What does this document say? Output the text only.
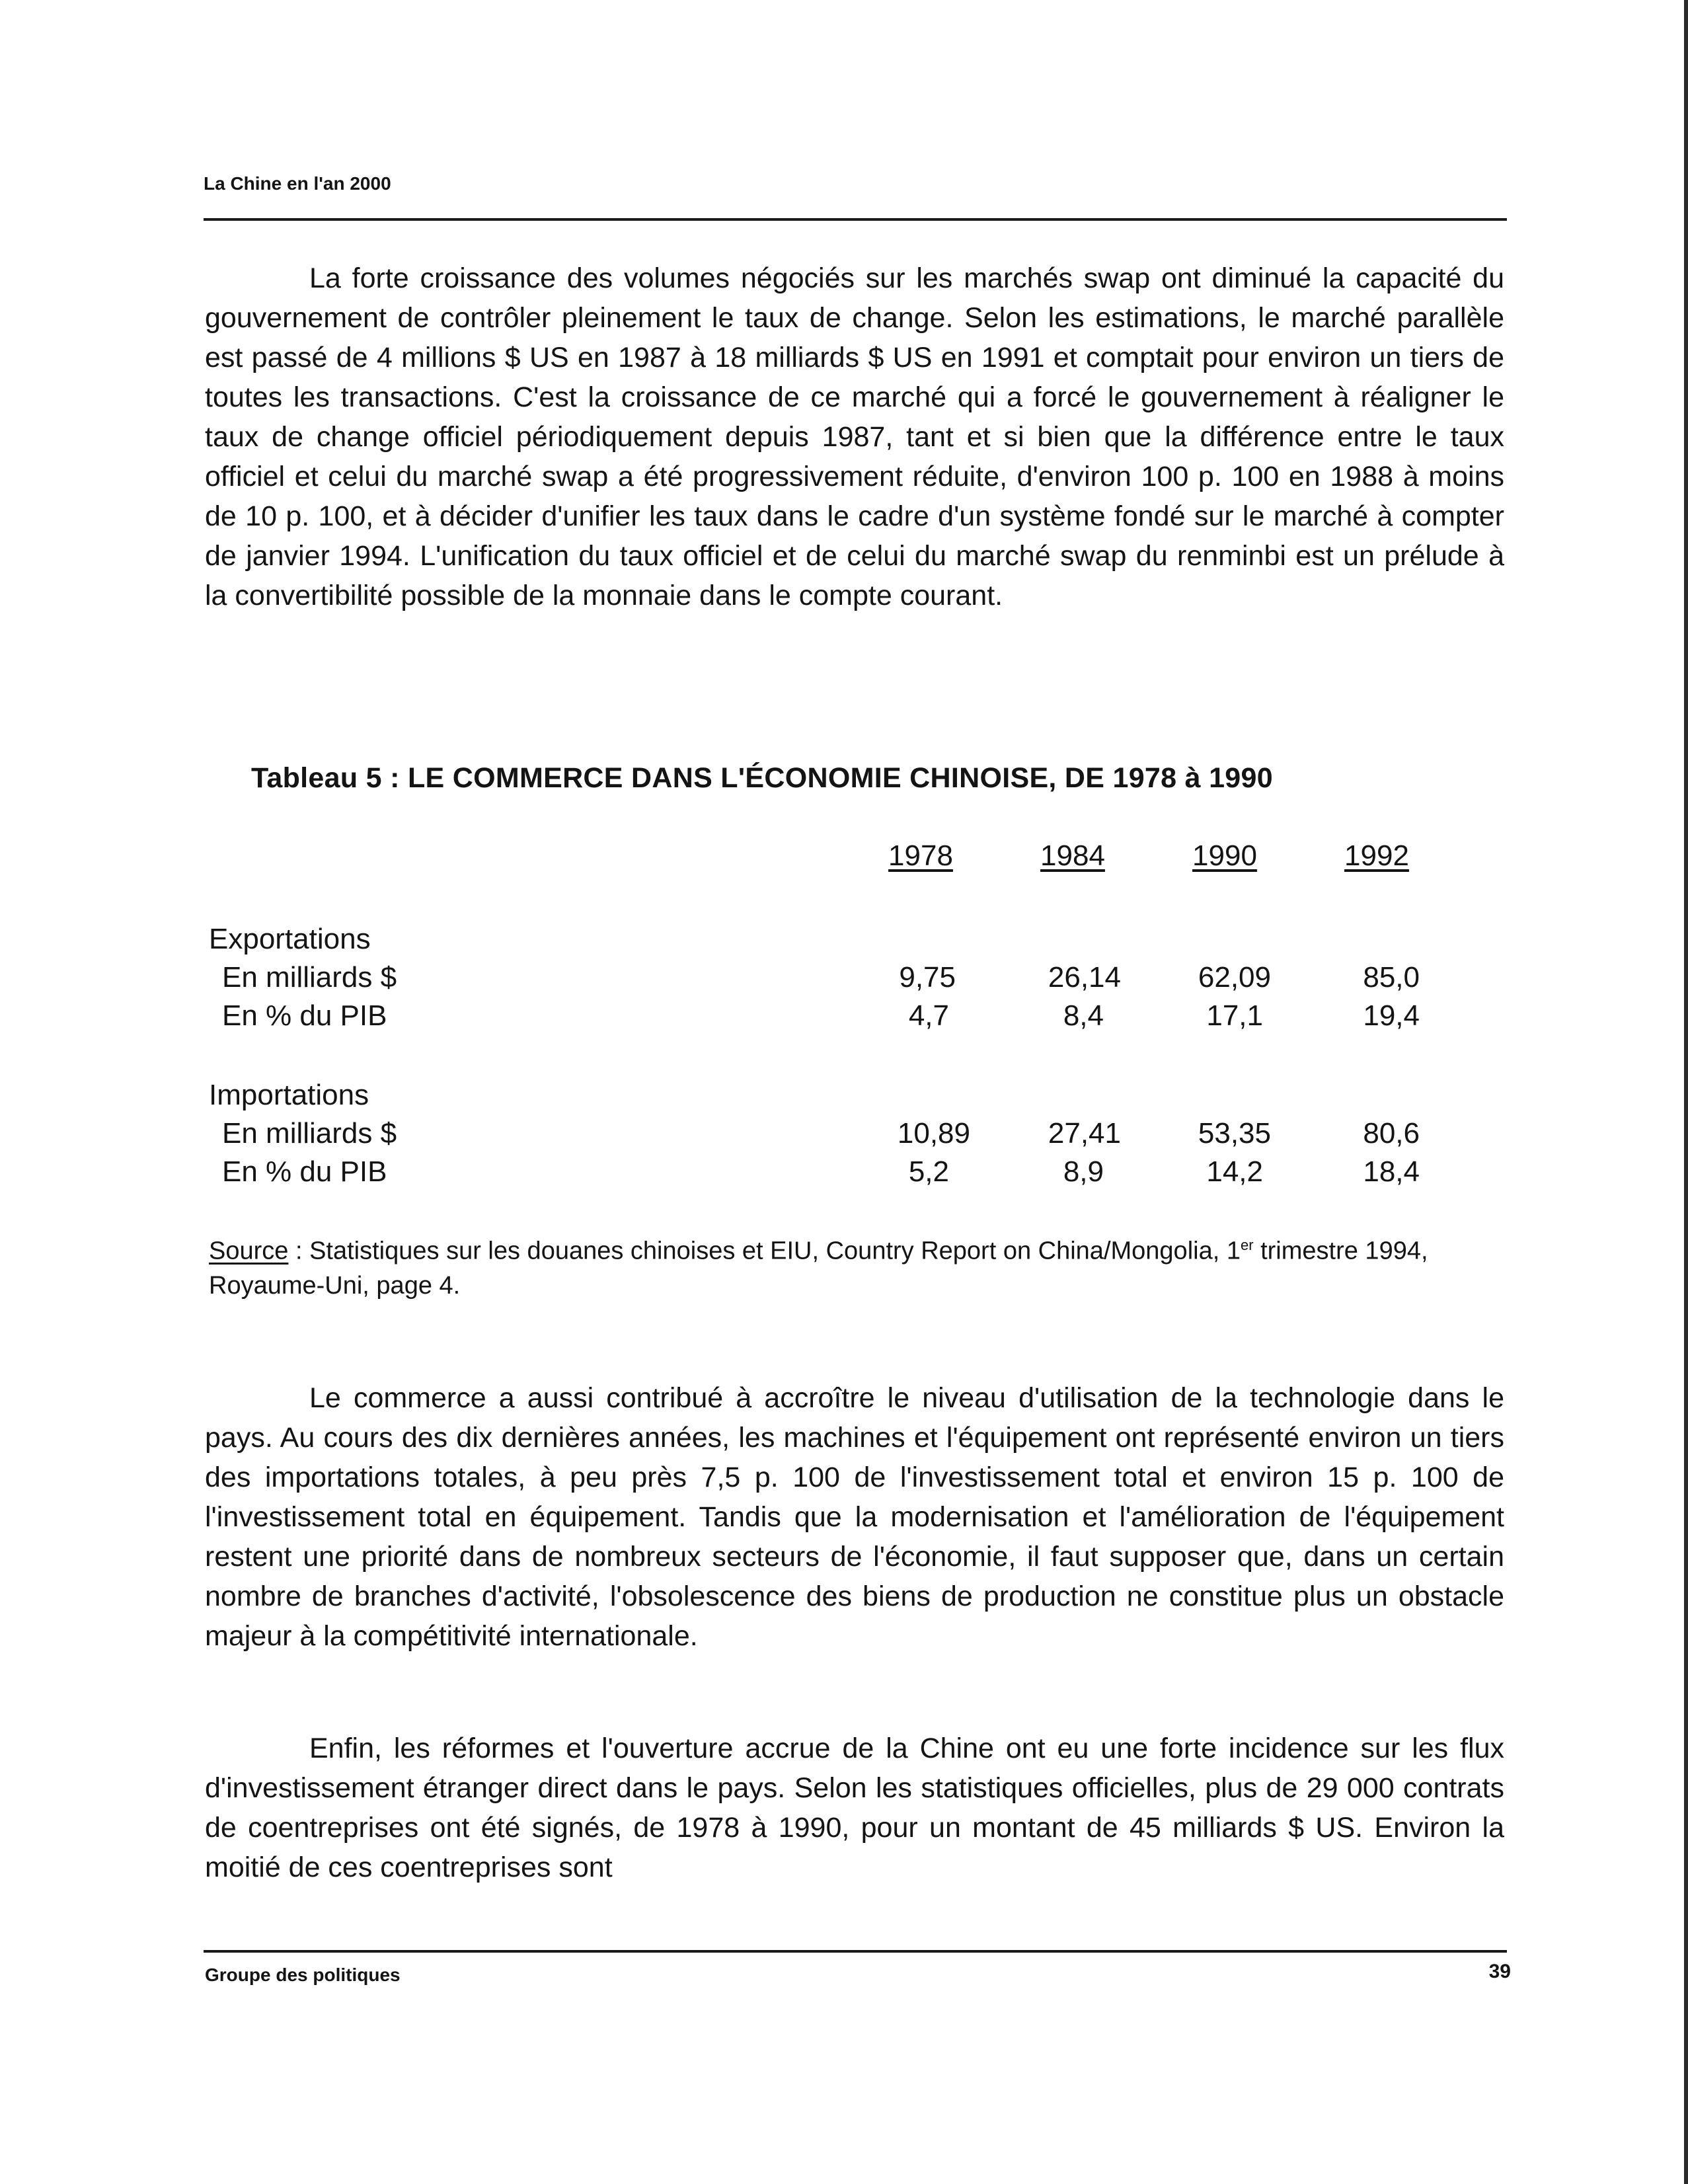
La Chine en l'an 2000

La forte croissance des volumes négociés sur les marchés swap ont diminué la capacité du gouvernement de contrôler pleinement le taux de change. Selon les estimations, le marché parallèle est passé de 4 millions $ US en 1987 à 18 milliards $ US en 1991 et comptait pour environ un tiers de toutes les transactions. C'est la croissance de ce marché qui a forcé le gouvernement à réaligner le taux de change officiel périodiquement depuis 1987, tant et si bien que la différence entre le taux officiel et celui du marché swap a été progressivement réduite, d'environ 100 p. 100 en 1988 à moins de 10 p. 100, et à décider d'unifier les taux dans le cadre d'un système fondé sur le marché à compter de janvier 1994. L'unification du taux officiel et de celui du marché swap du renminbi est un prélude à la convertibilité possible de la monnaie dans le compte courant.

Tableau 5 : LE COMMERCE DANS L'ÉCONOMIE CHINOISE, DE 1978 à 1990
1978	1984	1990	1992
Exportations
En milliards $	9,75	26,14	62,09	85,0
En % du PIB	4,7	8,4	17,1	19,4
Importations
En milliards $	10,89	27,41	53,35	80,6
En % du PIB	5,2	8,9	14,2	18,4
Source : Statistiques sur les douanes chinoises et EIU, Country Report on China/Mongolia, 1er trimestre 1994, Royaume-Uni, page 4.

Le commerce a aussi contribué à accroître le niveau d'utilisation de la technologie dans le pays. Au cours des dix dernières années, les machines et l'équipement ont représenté environ un tiers des importations totales, à peu près 7,5 p. 100 de l'investissement total et environ 15 p. 100 de l'investissement total en équipement. Tandis que la modernisation et l'amélioration de l'équipement restent une priorité dans de nombreux secteurs de l'économie, il faut supposer que, dans un certain nombre de branches d'activité, l'obsolescence des biens de production ne constitue plus un obstacle majeur à la compétitivité internationale.

Enfin, les réformes et l'ouverture accrue de la Chine ont eu une forte incidence sur les flux d'investissement étranger direct dans le pays. Selon les statistiques officielles, plus de 29 000 contrats de coentreprises ont été signés, de 1978 à 1990, pour un montant de 45 milliards $ US. Environ la moitié de ces coentreprises sont

Groupe des politiques	39
